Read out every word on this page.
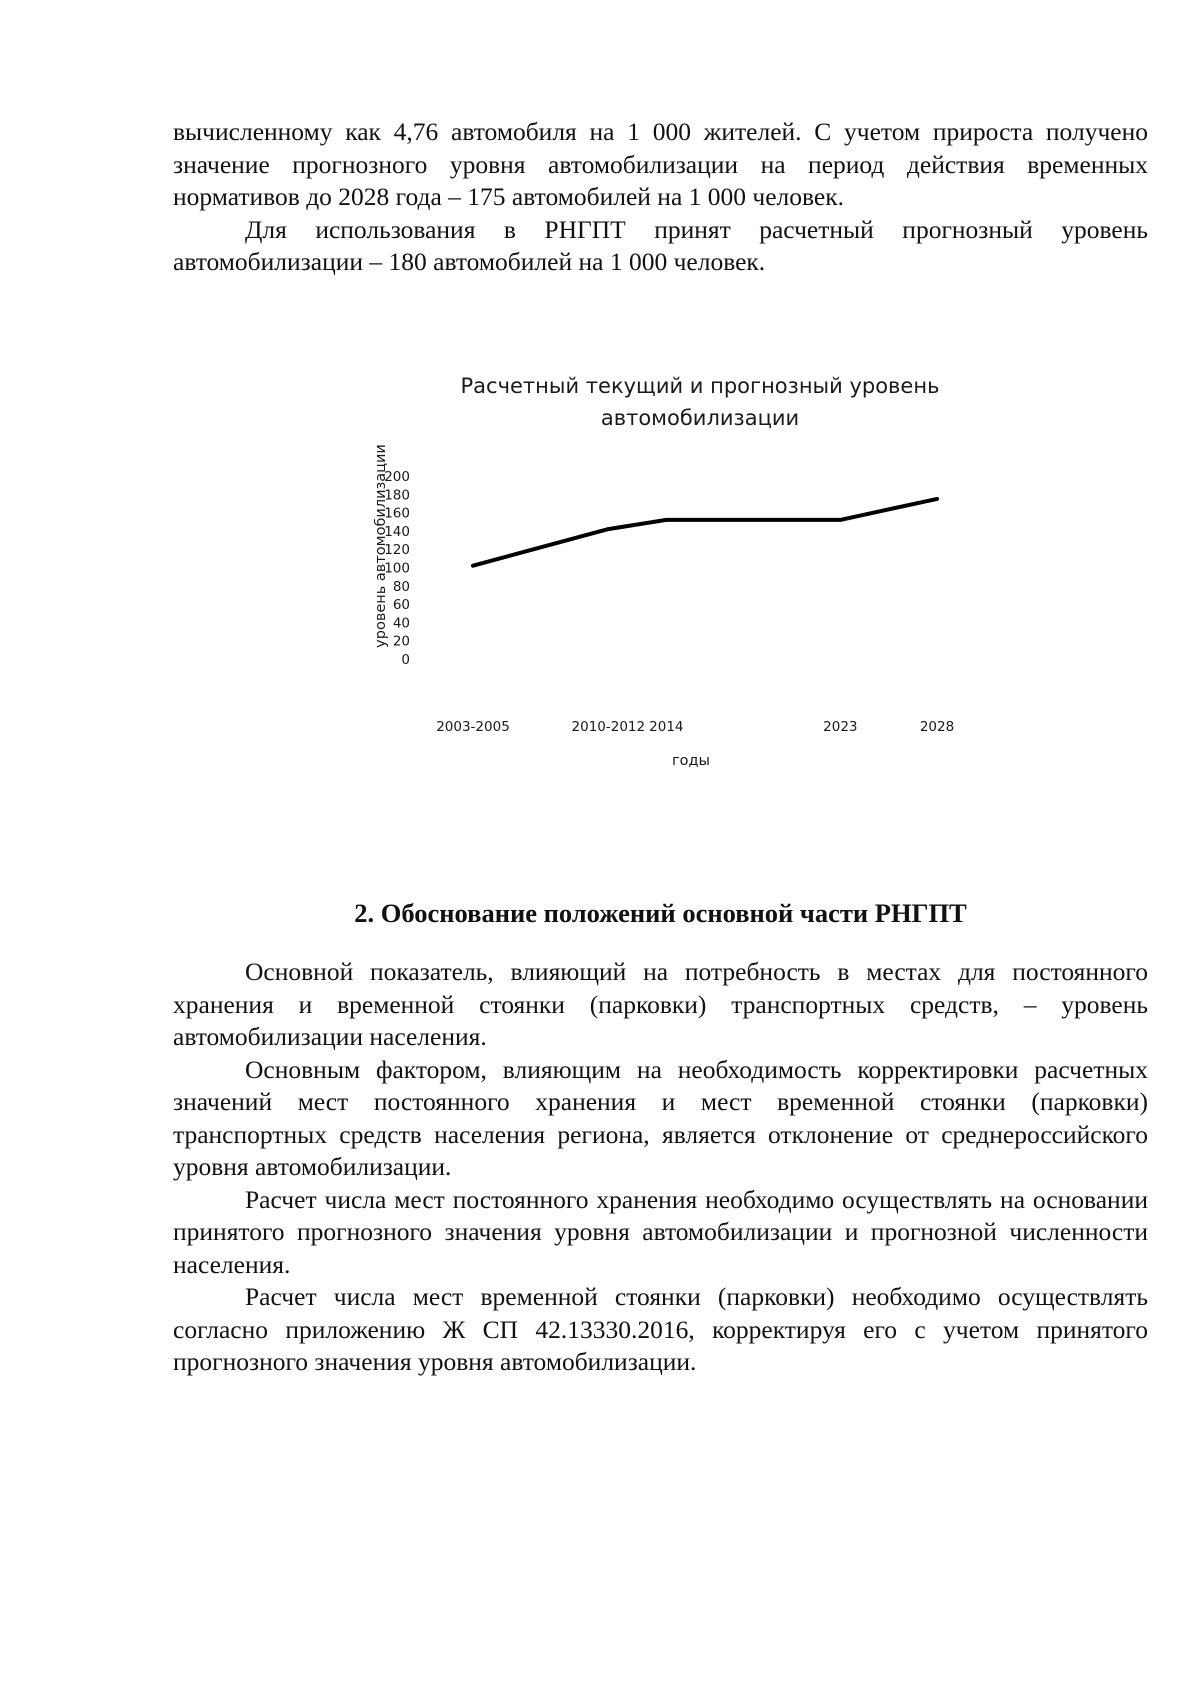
вычисленному как 4,76 автомобиля на 1 000 жителей. С учетом прироста получено значение прогнозного уровня автомобилизации на период действия временных нормативов до 2028 года – 175 автомобилей на 1 000 человек.

Для использования в РНГПТ принят расчетный прогнозный уровень автомобилизации – 180 автомобилей на 1 000 человек.

Расчетный текущий и прогнозный уровень
автомобилизации
0
20
40
60
80
100
120
140
160
180
200
2003-2005	2010-2012 2014	2023	2028
уровень автомобилизации
годы
2. Обоснование положений основной части РНГПТ

Основной показатель, влияющий на потребность в местах для постоянного хранения и временной стоянки (парковки) транспортных средств, – уровень автомобилизации населения.

Основным фактором, влияющим на необходимость корректировки расчетных значений мест постоянного хранения и мест временной стоянки (парковки) транспортных средств населения региона, является отклонение от среднероссийского уровня автомобилизации.

Расчет числа мест постоянного хранения необходимо осуществлять на основании принятого прогнозного значения уровня автомобилизации и прогнозной численности населения.

Расчет числа мест временной стоянки (парковки) необходимо осуществлять согласно приложению Ж СП 42.13330.2016, корректируя его с учетом принятого прогнозного значения уровня автомобилизации.
